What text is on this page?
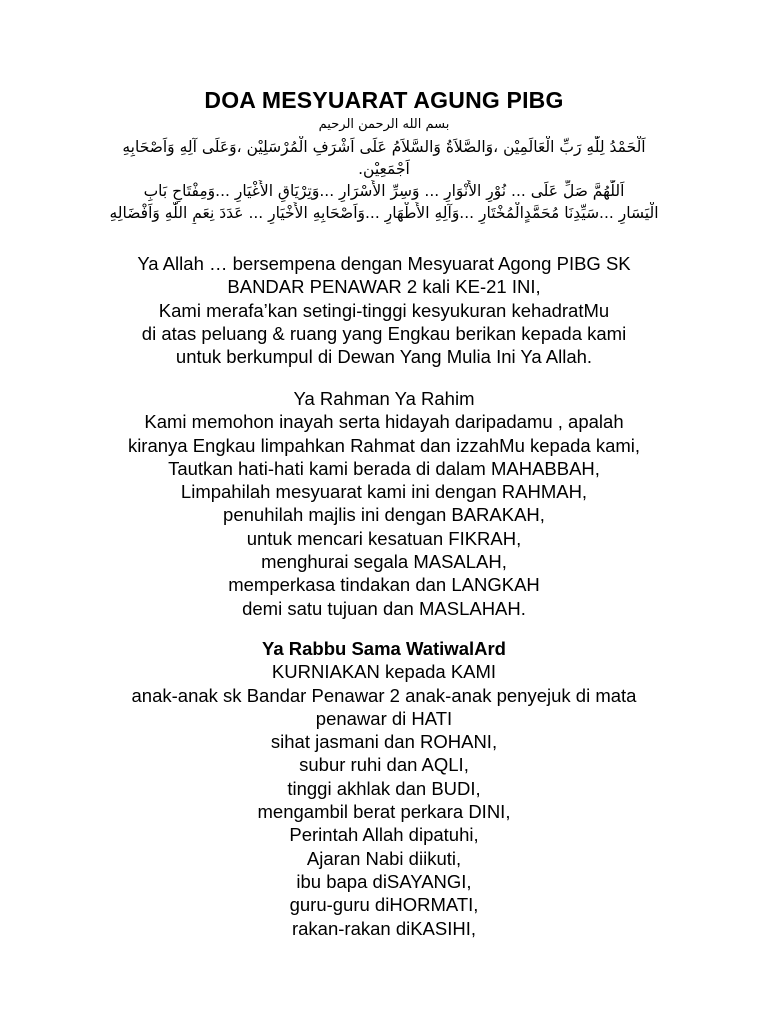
DOA MESYUARAT AGUNG PIBG
بسم الله الرحمن الرحيم
اَلْحَمْدُ لِلّٰهِ رَبِّ الْعَالَمِيْن ،وَالصَّلاَةُ وَالسَّلاَمُ عَلَى اَشْرَفِ الْمُرْسَلِيْن ،وَعَلَى آلِهِ وَاَصْحَابِهِ
اَجْمَعِيْن.
اَللّٰهُمَّ صَلِّ عَلَى ... نُوْرِ الأَنْوَارِ ... وَسِرِّ الأَسْرَارِ ...وَتِرْيَاقِ الأَغْيَارِ ...وَمِفْتَاحِ بَابِ
الْيَسَارِ ...سَيِّدِنَا مُحَمَّدٍالْمُخْتَارِ ...وَآلِهِ الأَطْهَارِ ...وَاَصْحَابِهِ الأَخْيَارِ ... عَدَدَ نِعَمِ اللّٰهِ وَاَفْضَالِهِ
Ya Allah … bersempena dengan Mesyuarat Agong PIBG SK
BANDAR PENAWAR 2 kali KE-21 INI,
Kami merafa’kan setingi-tinggi kesyukuran kehadratMu
di atas peluang & ruang yang Engkau berikan kepada kami
untuk berkumpul di Dewan Yang Mulia Ini Ya Allah.
Ya Rahman Ya Rahim
Kami memohon inayah serta hidayah daripadamu , apalah
kiranya Engkau limpahkan Rahmat dan izzahMu kepada kami,
Tautkan hati-hati kami berada di dalam MAHABBAH,
Limpahilah mesyuarat kami ini dengan RAHMAH,
penuhilah majlis ini dengan BARAKAH,
untuk mencari kesatuan FIKRAH,
menghurai segala MASALAH,
memperkasa tindakan dan LANGKAH
demi satu tujuan dan MASLAHAH.
Ya Rabbu Sama WatiwalArd
KURNIAKAN kepada KAMI
anak-anak sk Bandar Penawar 2 anak-anak penyejuk di mata
penawar di HATI
sihat jasmani dan ROHANI,
subur ruhi dan AQLI,
tinggi akhlak dan BUDI,
mengambil berat perkara DINI,
Perintah Allah dipatuhi,
Ajaran Nabi diikuti,
ibu bapa diSAYANGI,
guru-guru diHORMATI,
rakan-rakan diKASIHI,
